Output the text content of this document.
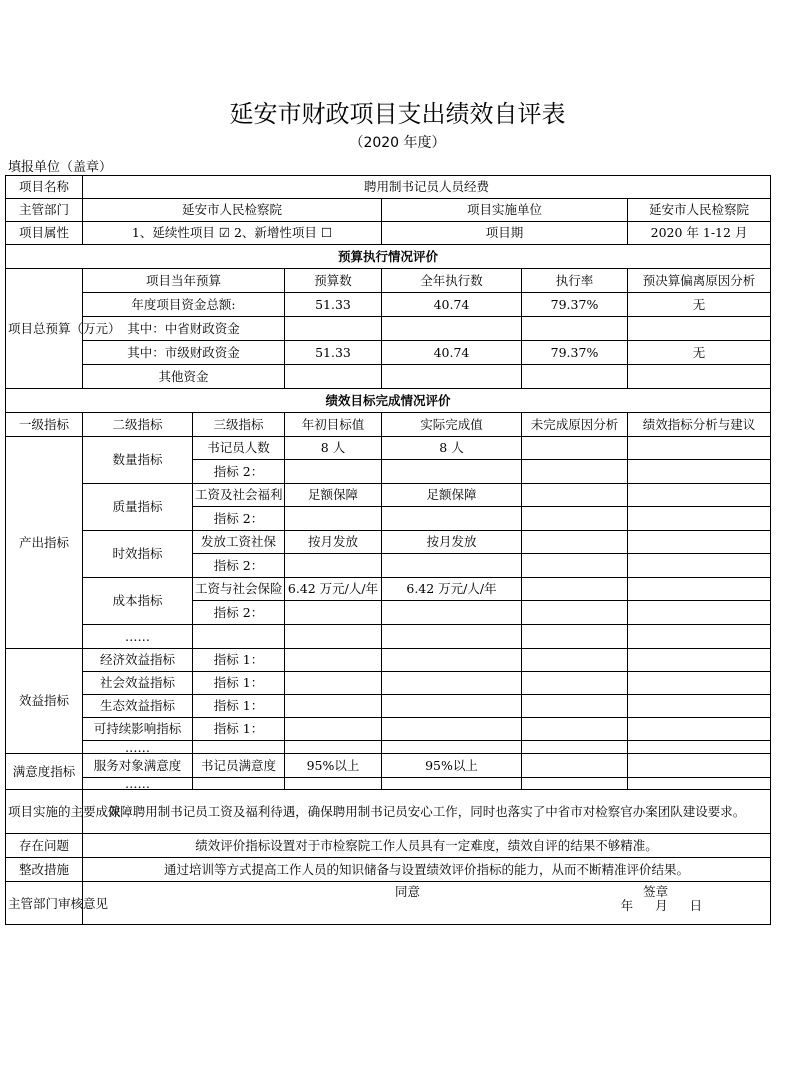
延安市财政项目支出绩效自评表
（2020 年度）
填报单位（盖章）
项目名称	聘用制书记员人员经费					
主管部门	延安市人民检察院			项目实施单位		延安市人民检察院
项目属性	1、延续性项目 ☑ 2、新增性项目 ☐			项目期		2020 年 1-12 月
预算执行情况评价						
项目总预算（万元）	项目当年预算		预算数	全年执行数	执行率	预决算偏离原因分析
	年度项目资金总额:		51.33	40.74	79.37%	无
	其中：中省财政资金					
	其中：市级财政资金		51.33	40.74	79.37%	无
	其他资金					
绩效目标完成情况评价						
一级指标	二级指标	三级指标	年初目标值	实际完成值	未完成原因分析	绩效指标分析与建议
产出指标	数量指标	书记员人数	8 人	8 人		
		指标 2：				
	质量指标	工资及社会福利	足额保障	足额保障		
		指标 2：				
	时效指标	发放工资社保	按月发放	按月发放		
		指标 2：				
	成本指标	工资与社会保险	6.42 万元/人/年	6.42 万元/人/年		
		指标 2：				
	……					
效益指标	经济效益指标	指标 1：				
	社会效益指标	指标 1：				
	生态效益指标	指标 1：				
	可持续影响指标	指标 1：				
	……					
满意度指标	服务对象满意度	书记员满意度	95%以上	95%以上		
	……					
项目实施的主要成效	保障聘用制书记员工资及福利待遇，确保聘用制书记员安心工作，同时也落实了中省市对检察官办案团队建设要求。					
存在问题	绩效评价指标设置对于市检察院工作人员具有一定难度，绩效自评的结果不够精准。					
整改措施	通过培训等方式提高工作人员的知识储备与设置绩效评价指标的能力，从而不断精准评价结果。					
主管部门审核意见	同意 签章
年 月 日					
